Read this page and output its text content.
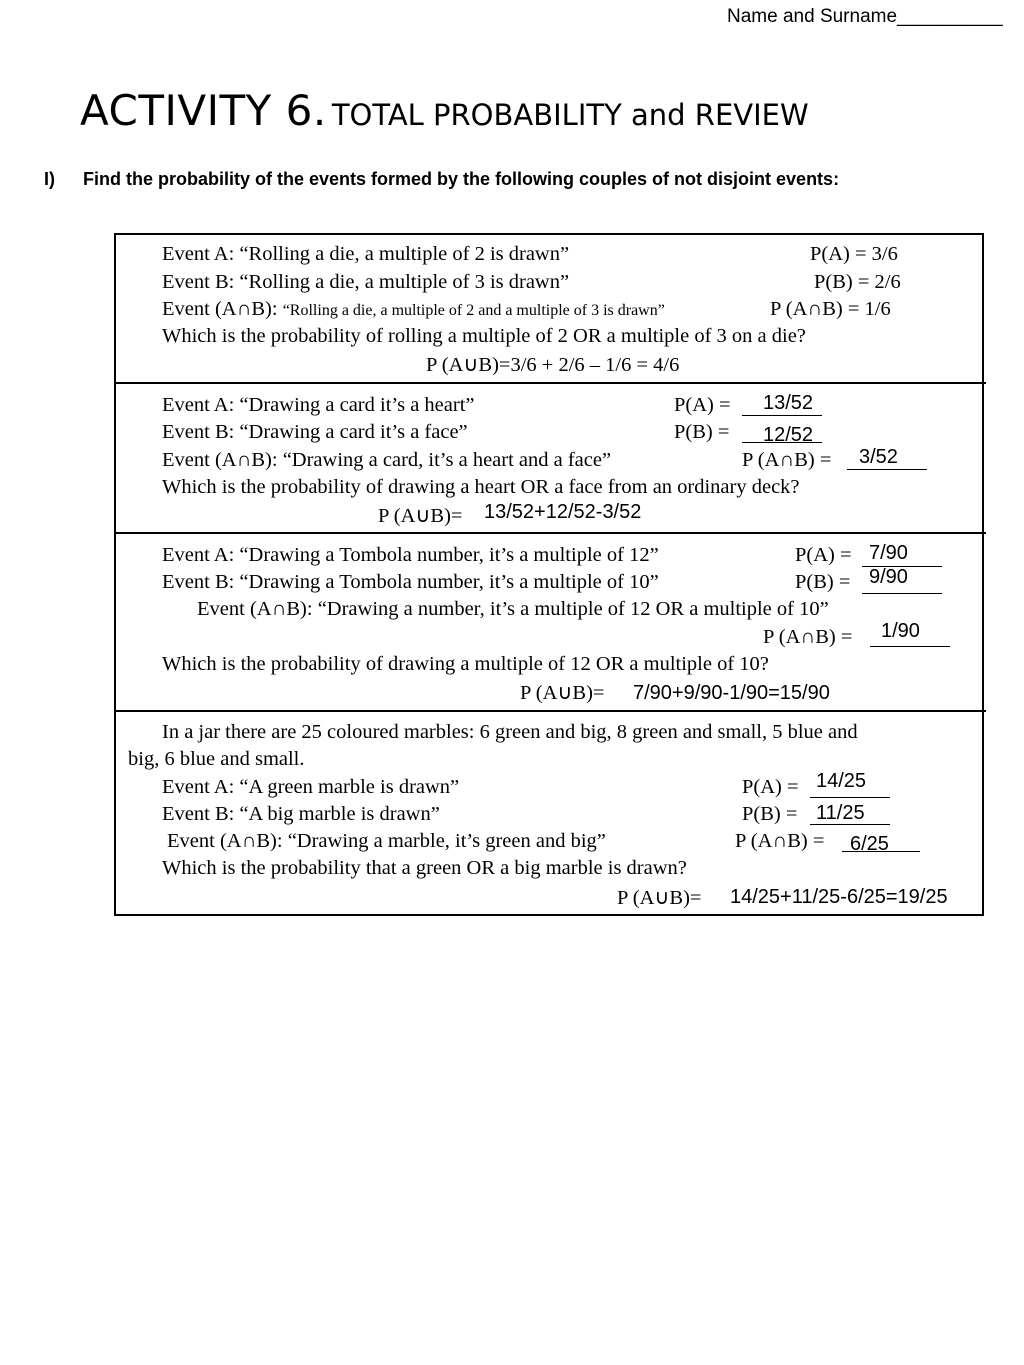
Name and Surname__________
ACTIVITY 6. TOTAL PROBABILITY and REVIEW
I) Find the probability of the events formed by the following couples of not disjoint events:
Event A: “Rolling a die, a multiple of 2 is drawn”	P(A) = 3/6
Event B: “Rolling a die, a multiple of 3 is drawn”	P(B) = 2/6
Event (A∩B): “Rolling a die, a multiple of 2 and a multiple of 3 is drawn”	P (A∩B) = 1/6
Which is the probability of rolling a multiple of 2 OR a multiple of 3 on a die?
P (A∪B)=3/6 + 2/6 – 1/6 = 4/6
Event A: “Drawing a card it’s a heart”	P(A) = 13/52
Event B: “Drawing a card it’s a face”	P(B) = 12/52
Event (A∩B): “Drawing a card, it’s a heart and a face”	P (A∩B) = 3/52
Which is the probability of drawing a heart OR a face from an ordinary deck?
P (A∪B)= 13/52+12/52-3/52
Event A: “Drawing a Tombola number, it’s a multiple of 12”	P(A) = 7/90
Event B: “Drawing a Tombola number, it’s a multiple of 10”	P(B) = 9/90
Event (A∩B): “Drawing a number, it’s a multiple of 12 OR a multiple of 10”
P (A∩B) = 1/90
Which is the probability of drawing a multiple of 12 OR a multiple of 10?
P (A∪B)= 7/90+9/90-1/90=15/90
In a jar there are 25 coloured marbles: 6 green and big, 8 green and small, 5 blue and
big, 6 blue and small.
Event A: “A green marble is drawn”	P(A) = 14/25
Event B: “A big marble is drawn”	P(B) = 11/25
Event (A∩B): “Drawing a marble, it’s green and big”	P (A∩B) = 6/25
Which is the probability that a green OR a big marble is drawn?
P (A∪B)= 14/25+11/25-6/25=19/25
